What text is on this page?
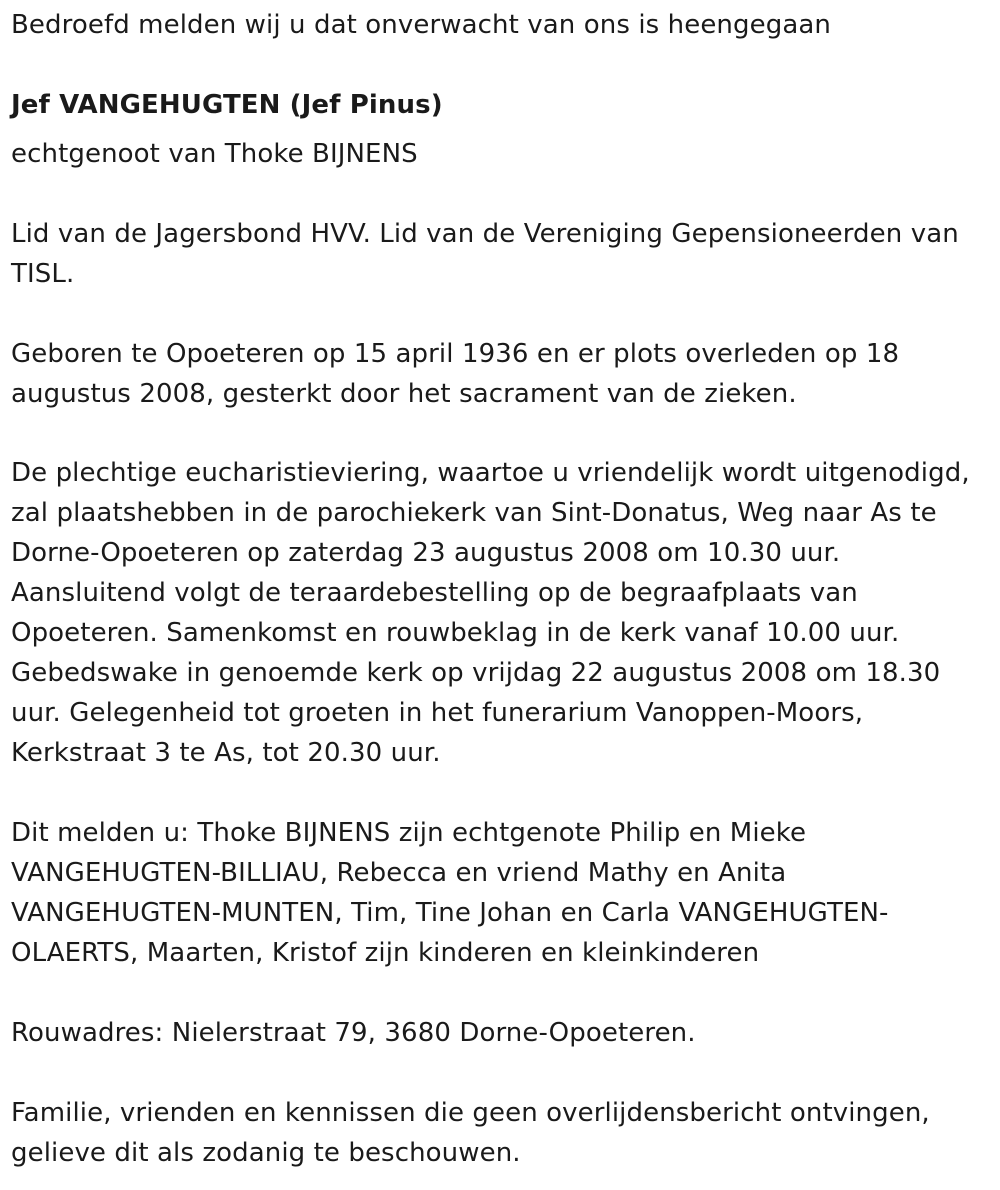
Bedroefd melden wij u dat onverwacht van ons is heengegaan
Jef VANGEHUGTEN (Jef Pinus)
echtgenoot van Thoke BIJNENS
Lid van de Jagersbond HVV. Lid van de Vereniging Gepensioneerden van
TISL.
Geboren te Opoeteren op 15 april 1936 en er plots overleden op 18
augustus 2008, gesterkt door het sacrament van de zieken.
De plechtige eucharistieviering, waartoe u vriendelijk wordt uitgenodigd,
zal plaatshebben in de parochiekerk van Sint-Donatus, Weg naar As te
Dorne-Opoeteren op zaterdag 23 augustus 2008 om 10.30 uur.
Aansluitend volgt de teraardebestelling op de begraafplaats van
Opoeteren. Samenkomst en rouwbeklag in de kerk vanaf 10.00 uur.
Gebedswake in genoemde kerk op vrijdag 22 augustus 2008 om 18.30
uur. Gelegenheid tot groeten in het funerarium Vanoppen-Moors,
Kerkstraat 3 te As, tot 20.30 uur.
Dit melden u: Thoke BIJNENS zijn echtgenote Philip en Mieke
VANGEHUGTEN-BILLIAU, Rebecca en vriend Mathy en Anita
VANGEHUGTEN-MUNTEN, Tim, Tine Johan en Carla VANGEHUGTEN-
OLAERTS, Maarten, Kristof zijn kinderen en kleinkinderen
Rouwadres: Nielerstraat 79, 3680 Dorne-Opoeteren.
Familie, vrienden en kennissen die geen overlijdensbericht ontvingen,
gelieve dit als zodanig te beschouwen.
